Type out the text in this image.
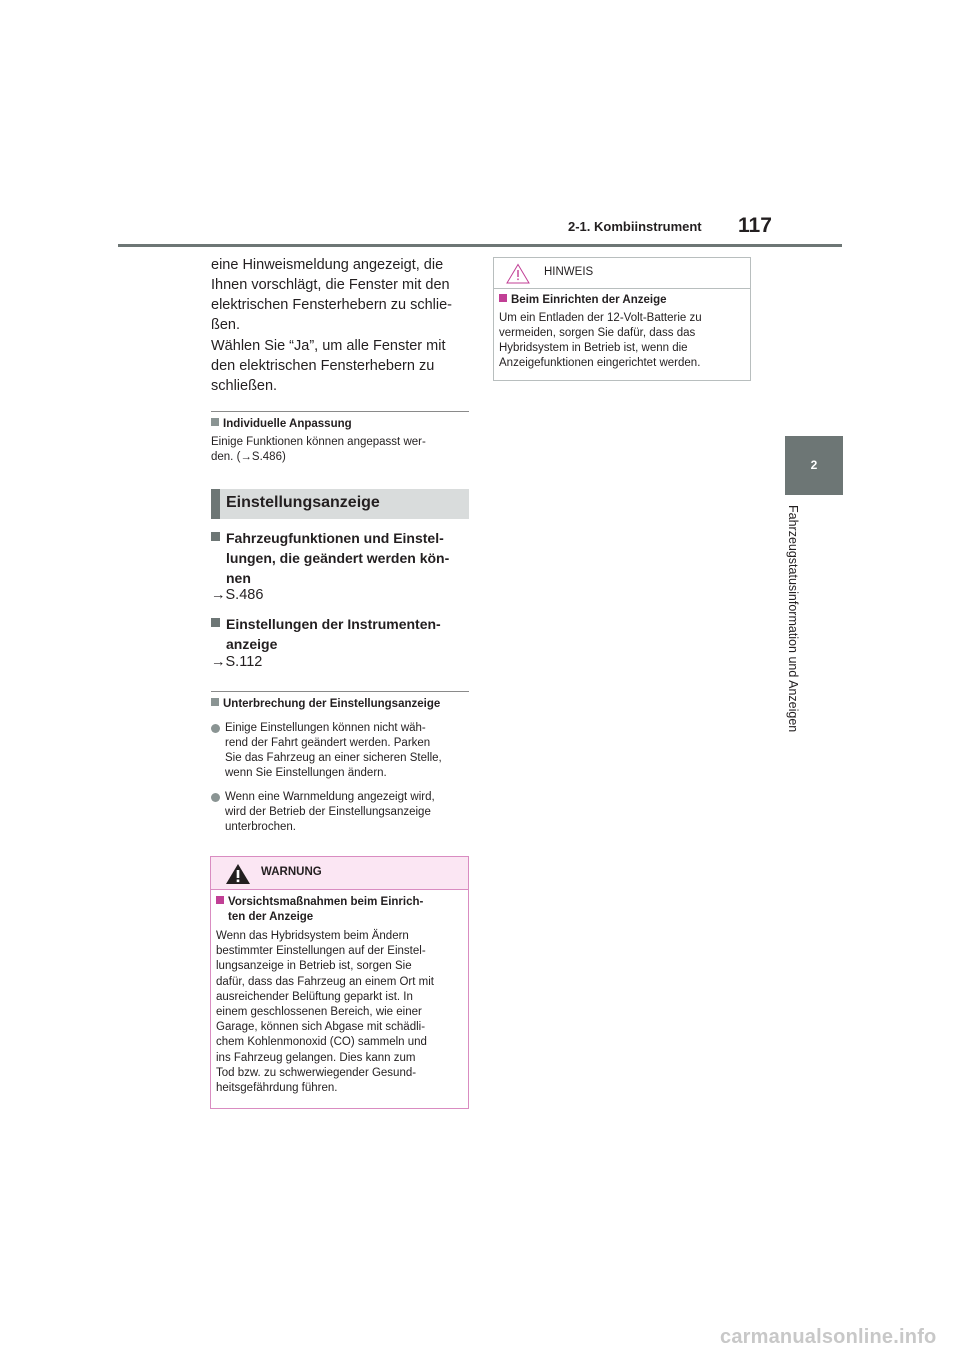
2-1. Kombiinstrument 117
2
Fahrzeugstatusinformation und Anzeigen
eine Hinweismeldung angezeigt, die
Ihnen vorschlägt, die Fenster mit den
elektrischen Fensterhebern zu schlie-
ßen.
Wählen Sie “Ja”, um alle Fenster mit
den elektrischen Fensterhebern zu
schließen.
Individuelle Anpassung
Einige Funktionen können angepasst wer-
den. (→S.486)
Einstellungsanzeige
Fahrzeugfunktionen und Einstel-
lungen, die geändert werden kön-
nen
→S.486
Einstellungen der Instrumenten-
anzeige
→S.112
Unterbrechung der Einstellungsanzeige
Einige Einstellungen können nicht wäh-
rend der Fahrt geändert werden. Parken
Sie das Fahrzeug an einer sicheren Stelle,
wenn Sie Einstellungen ändern.
Wenn eine Warnmeldung angezeigt wird,
wird der Betrieb der Einstellungsanzeige
unterbrochen.
WARNUNG
Vorsichtsmaßnahmen beim Einrich-
ten der Anzeige
Wenn das Hybridsystem beim Ändern
bestimmter Einstellungen auf der Einstel-
lungsanzeige in Betrieb ist, sorgen Sie
dafür, dass das Fahrzeug an einem Ort mit
ausreichender Belüftung geparkt ist. In
einem geschlossenen Bereich, wie einer
Garage, können sich Abgase mit schädli-
chem Kohlenmonoxid (CO) sammeln und
ins Fahrzeug gelangen. Dies kann zum
Tod bzw. zu schwerwiegender Gesund-
heitsgefährdung führen.
HINWEIS
Beim Einrichten der Anzeige
Um ein Entladen der 12-Volt-Batterie zu
vermeiden, sorgen Sie dafür, dass das
Hybridsystem in Betrieb ist, wenn die
Anzeigefunktionen eingerichtet werden.
carmanualsonline.info
